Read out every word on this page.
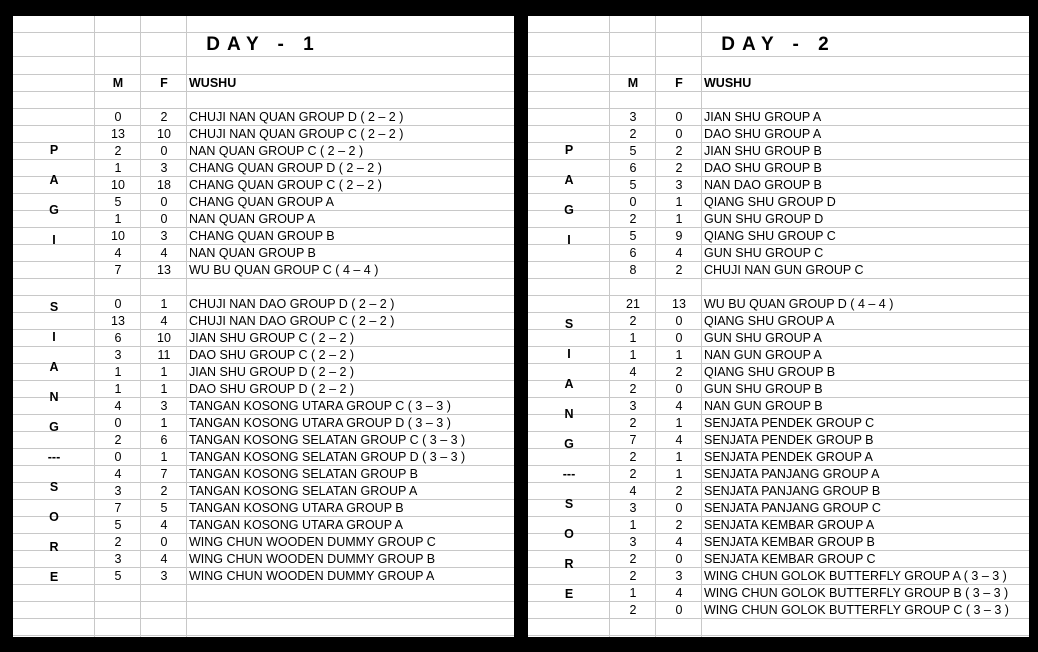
DAY - 1
M	F	WUSHU
0	2	CHUJI NAN QUAN GROUP D ( 2 – 2 )
13	10	CHUJI NAN QUAN GROUP C ( 2 – 2 )
2	0	NAN QUAN GROUP C ( 2 – 2 )
1	3	CHANG QUAN GROUP D ( 2 – 2 )
10	18	CHANG QUAN GROUP C ( 2 – 2 )
5	0	CHANG QUAN GROUP A
1	0	NAN QUAN GROUP A
10	3	CHANG QUAN GROUP B
4	4	NAN QUAN GROUP B
7	13	WU BU QUAN GROUP C ( 4 – 4 )
0	1	CHUJI NAN DAO GROUP D ( 2 – 2 )
13	4	CHUJI NAN DAO GROUP C ( 2 – 2 )
6	10	JIAN SHU GROUP C ( 2 – 2 )
3	11	DAO SHU GROUP C ( 2 – 2 )
1	1	JIAN SHU GROUP D ( 2 – 2 )
1	1	DAO SHU GROUP D ( 2 – 2 )
4	3	TANGAN KOSONG UTARA GROUP C ( 3 – 3 )
0	1	TANGAN KOSONG UTARA GROUP D ( 3 – 3 )
2	6	TANGAN KOSONG SELATAN GROUP C ( 3 – 3 )
0	1	TANGAN KOSONG SELATAN GROUP D ( 3 – 3 )
4	7	TANGAN KOSONG SELATAN GROUP B
3	2	TANGAN KOSONG SELATAN GROUP A
7	5	TANGAN KOSONG UTARA GROUP B
5	4	TANGAN KOSONG UTARA GROUP A
2	0	WING CHUN WOODEN DUMMY GROUP C
3	4	WING CHUN WOODEN DUMMY GROUP B
5	3	WING CHUN WOODEN DUMMY GROUP A
P
A
G
I
S
I
A
N
G
---
S
O
R
E
DAY - 2
M	F	WUSHU
3	0	JIAN SHU GROUP A
2	0	DAO SHU GROUP A
5	2	JIAN SHU GROUP B
6	2	DAO SHU GROUP B
5	3	NAN DAO GROUP B
0	1	QIANG SHU GROUP D
2	1	GUN SHU GROUP D
5	9	QIANG SHU GROUP C
6	4	GUN SHU GROUP C
8	2	CHUJI NAN GUN GROUP C
21	13	WU BU QUAN GROUP D ( 4 – 4 )
2	0	QIANG SHU GROUP A
1	0	GUN SHU GROUP A
1	1	NAN GUN GROUP A
4	2	QIANG SHU GROUP B
2	0	GUN SHU GROUP B
3	4	NAN GUN GROUP B
2	1	SENJATA PENDEK GROUP C
7	4	SENJATA PENDEK GROUP B
2	1	SENJATA PENDEK GROUP A
2	1	SENJATA PANJANG GROUP A
4	2	SENJATA PANJANG GROUP B
3	0	SENJATA PANJANG GROUP C
1	2	SENJATA KEMBAR GROUP A
3	4	SENJATA KEMBAR GROUP B
2	0	SENJATA KEMBAR GROUP C
2	3	WING CHUN GOLOK BUTTERFLY GROUP A ( 3 – 3 )
1	4	WING CHUN GOLOK BUTTERFLY GROUP B ( 3 – 3 )
2	0	WING CHUN GOLOK BUTTERFLY GROUP C ( 3 – 3 )
P
A
G
I
S
I
A
N
G
---
S
O
R
E
